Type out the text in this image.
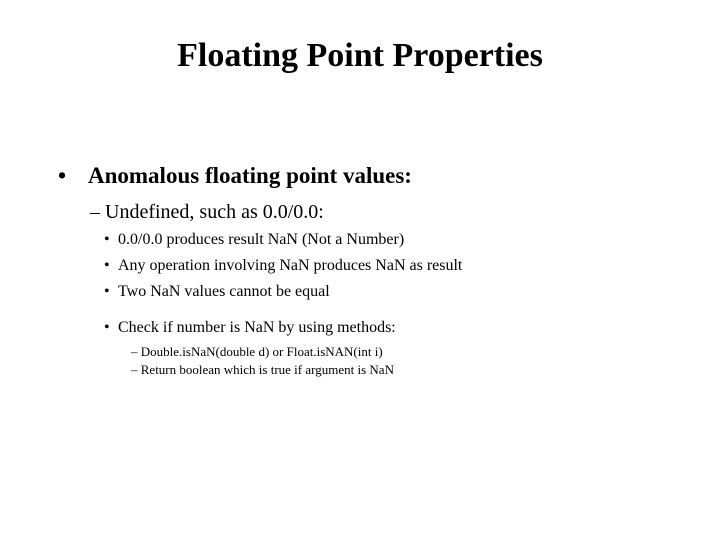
Floating Point Properties
• Anomalous floating point values:
– Undefined, such as 0.0/0.0:
• 0.0/0.0 produces result NaN (Not a Number)
• Any operation involving NaN produces NaN as result
• Two NaN values cannot be equal
• Check if number is NaN by using methods:
– Double.isNaN(double d) or Float.isNAN(int i)
– Return boolean which is true if argument is NaN
